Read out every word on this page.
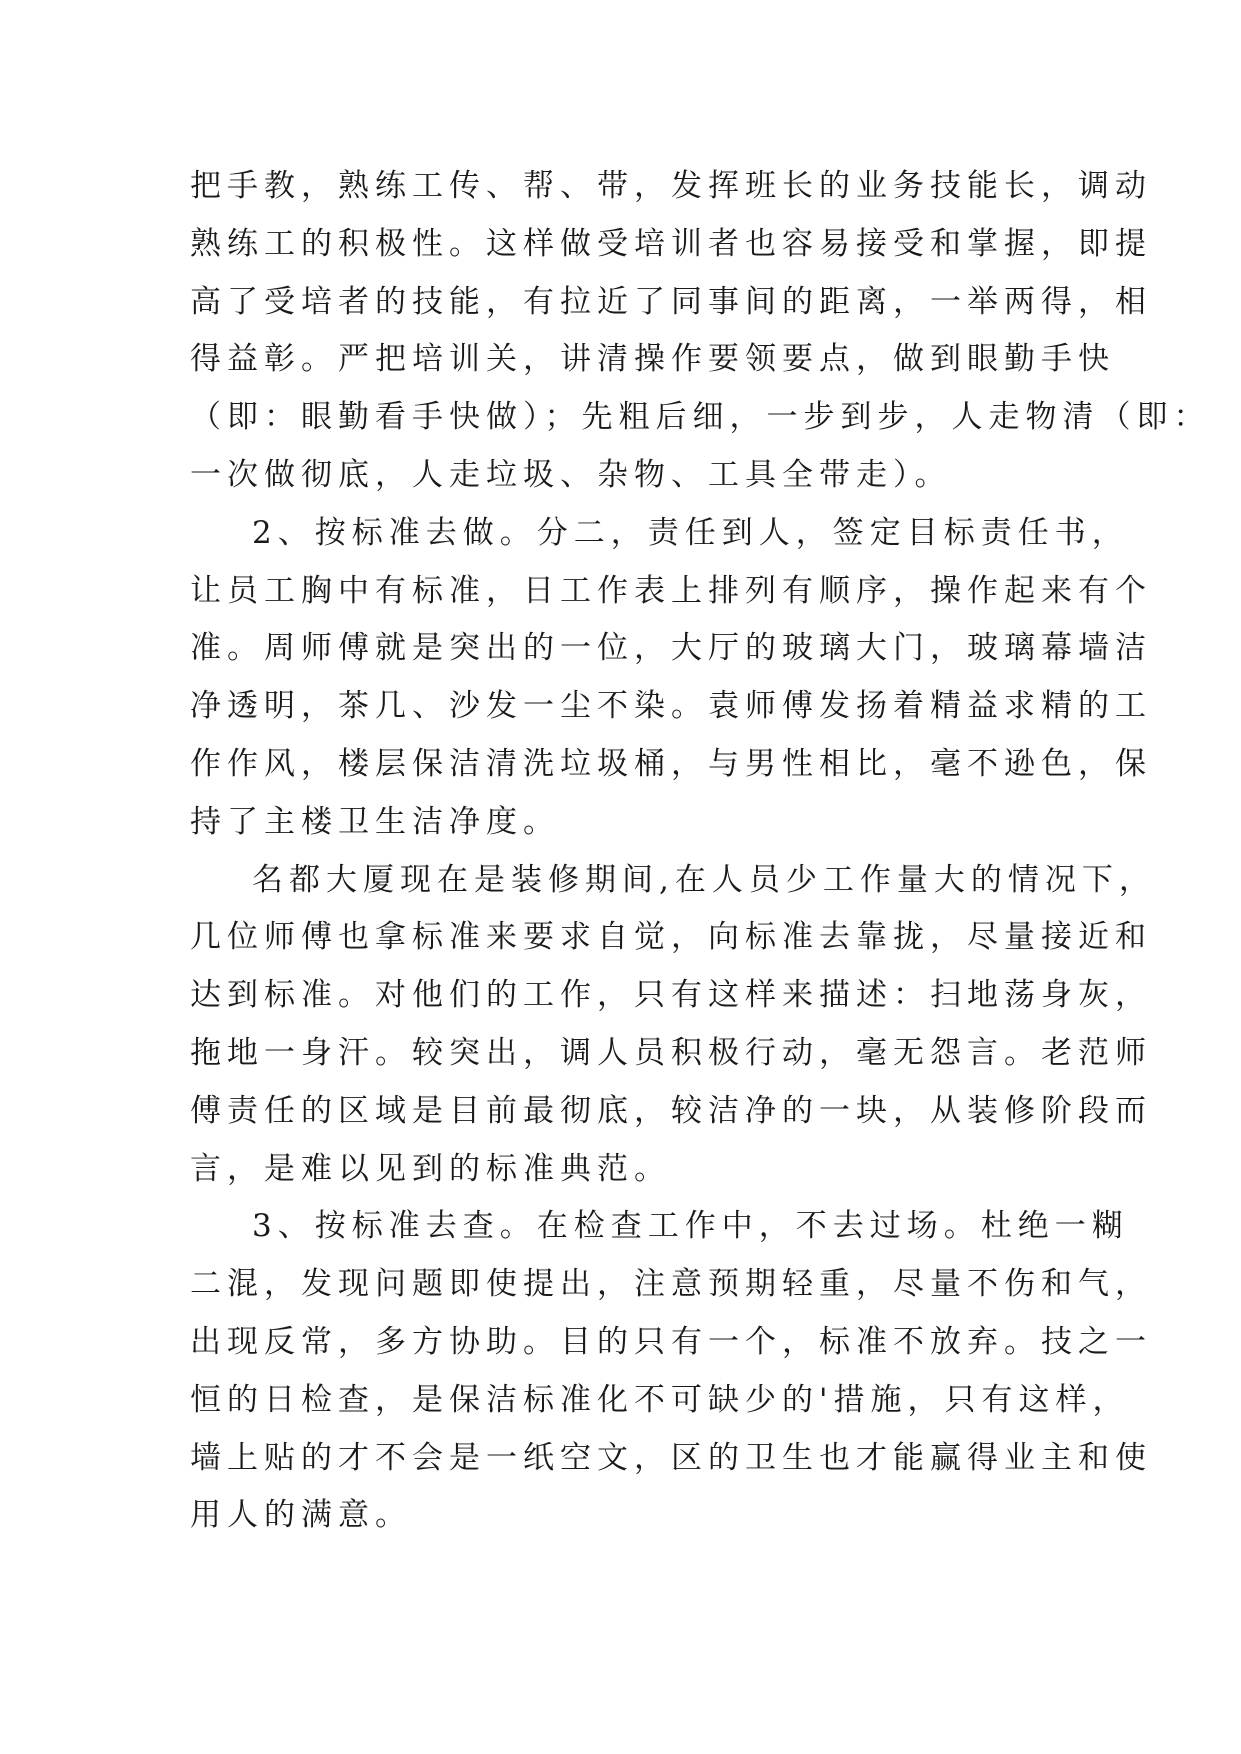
把手教，熟练工传、帮、带，发挥班长的业务技能长，调动
熟练工的积极性。这样做受培训者也容易接受和掌握，即提
高了受培者的技能，有拉近了同事间的距离，一举两得，相
得益彰。严把培训关，讲清操作要领要点，做到眼勤手快
（即：眼勤看手快做）；先粗后细，一步到步，人走物清（即：
一次做彻底，人走垃圾、杂物、工具全带走）。
2、按标准去做。分二，责任到人，签定目标责任书，
让员工胸中有标准，日工作表上排列有顺序，操作起来有个
准。周师傅就是突出的一位，大厅的玻璃大门，玻璃幕墙洁
净透明，茶几、沙发一尘不染。袁师傅发扬着精益求精的工
作作风，楼层保洁清洗垃圾桶，与男性相比，毫不逊色，保
持了主楼卫生洁净度。
名都大厦现在是装修期间,在人员少工作量大的情况下，
几位师傅也拿标准来要求自觉，向标准去靠拢，尽量接近和
达到标准。对他们的工作，只有这样来描述：扫地荡身灰，
拖地一身汗。较突出，调人员积极行动，毫无怨言。老范师
傅责任的区域是目前最彻底，较洁净的一块，从装修阶段而
言，是难以见到的标准典范。
3、按标准去查。在检查工作中，不去过场。杜绝一糊
二混，发现问题即使提出，注意预期轻重，尽量不伤和气，
出现反常，多方协助。目的只有一个，标准不放弃。技之一
恒的日检查，是保洁标准化不可缺少的'措施，只有这样，
墙上贴的才不会是一纸空文，区的卫生也才能赢得业主和使
用人的满意。
